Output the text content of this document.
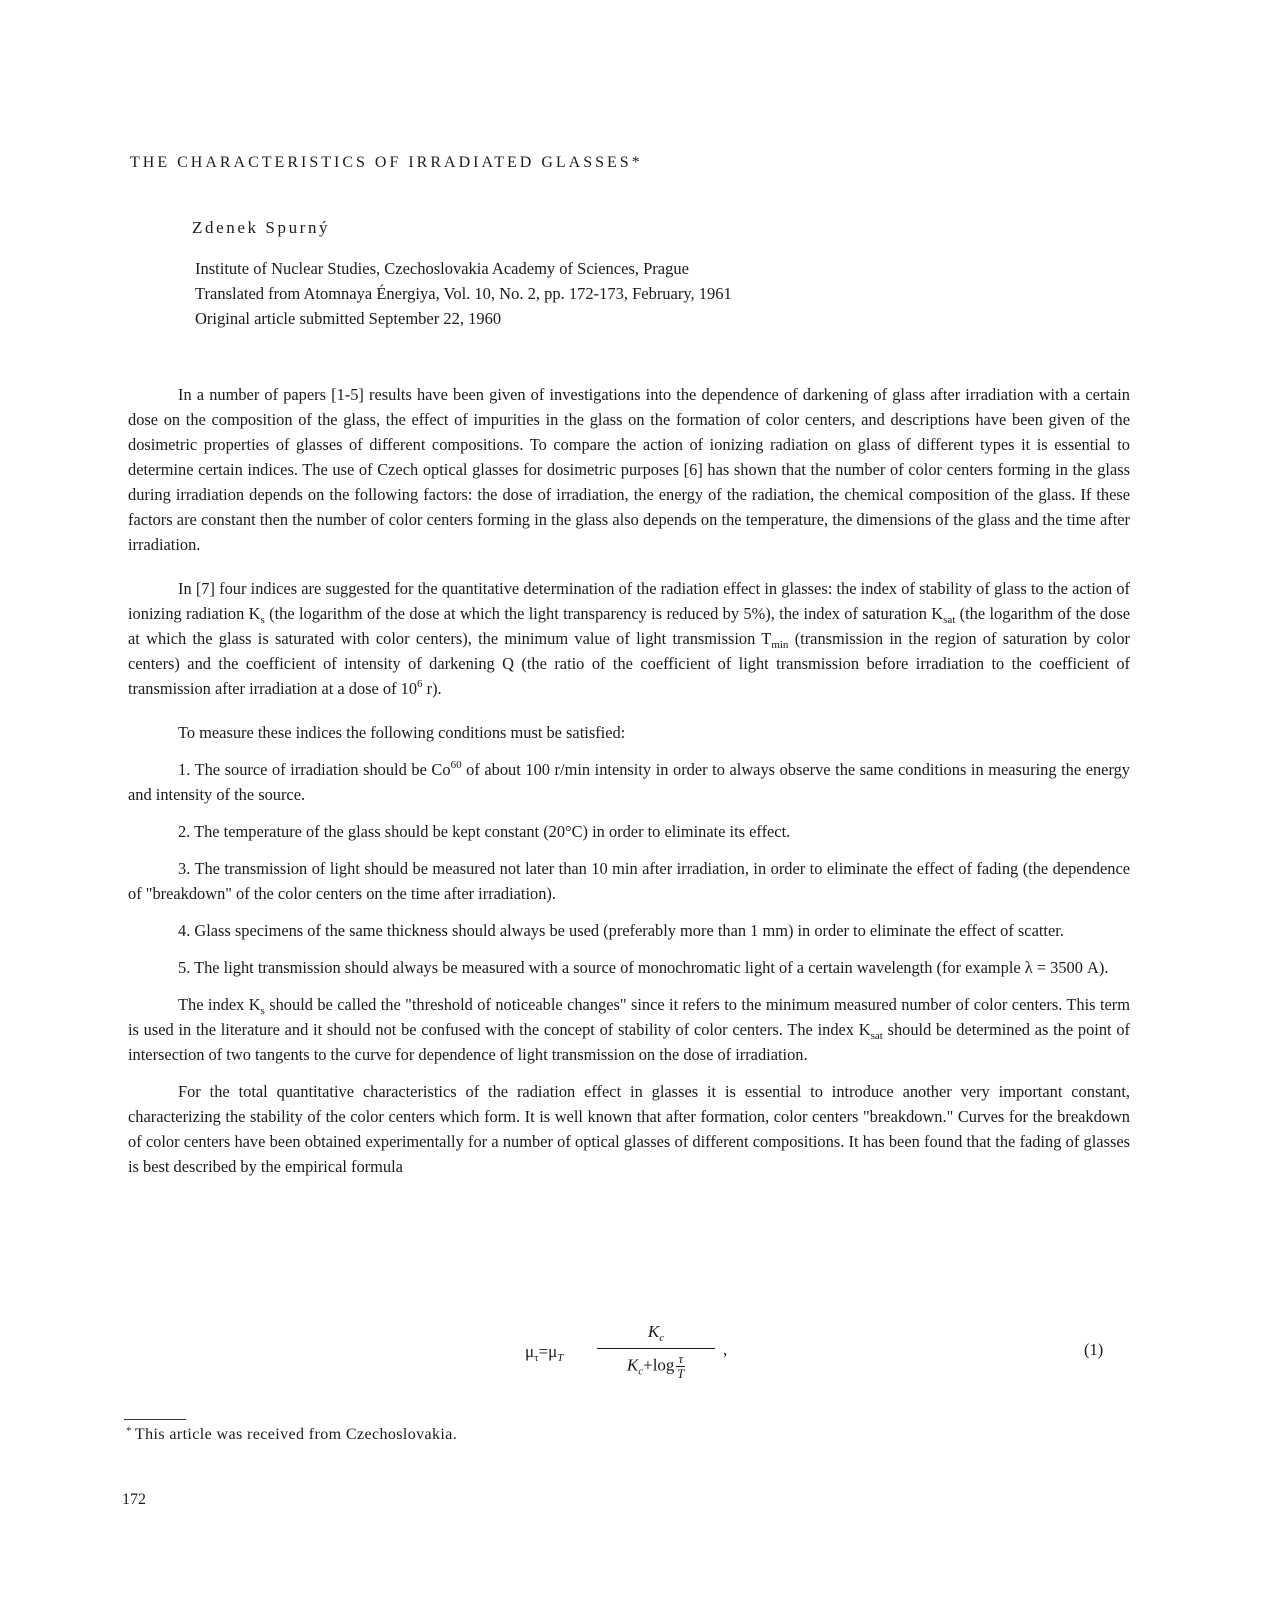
THE CHARACTERISTICS OF IRRADIATED GLASSES*
Zdenek Spurný
Institute of Nuclear Studies, Czechoslovakia Academy of Sciences, Prague
Translated from Atomnaya Énergiya, Vol. 10, No. 2, pp. 172-173, February, 1961
Original article submitted September 22, 1960

In a number of papers [1-5] results have been given of investigations into the dependence of darkening of glass after irradiation with a certain dose on the composition of the glass, the effect of impurities in the glass on the formation of color centers, and descriptions have been given of the dosimetric properties of glasses of different compositions. To compare the action of ionizing radiation on glass of different types it is essential to determine certain indices. The use of Czech optical glasses for dosimetric purposes [6] has shown that the number of color centers forming in the glass during irradiation depends on the following factors: the dose of irradiation, the energy of the radiation, the chemical composition of the glass. If these factors are constant then the number of color centers forming in the glass also depends on the temperature, the dimensions of the glass and the time after irradiation.

In [7] four indices are suggested for the quantitative determination of the radiation effect in glasses: the index of stability of glass to the action of ionizing radiation $K_s$ (the logarithm of the dose at which the light transparency is reduced by 5%), the index of saturation $K_{sat}$ (the logarithm of the dose at which the glass is saturated with color centers), the minimum value of light transmission $T_{min}$ (transmission in the region of saturation by color centers) and the coefficient of intensity of darkening Q (the ratio of the coefficient of light transmission before irradiation to the coefficient of transmission after irradiation at a dose of $10^6$ r).

To measure these indices the following conditions must be satisfied:

1. The source of irradiation should be Co$^{60}$ of about 100 r/min intensity in order to always observe the same conditions in measuring the energy and intensity of the source.

2. The temperature of the glass should be kept constant (20°C) in order to eliminate its effect.

3. The transmission of light should be measured not later than 10 min after irradiation, in order to eliminate the effect of fading (the dependence of "breakdown" of the color centers on the time after irradiation).

4. Glass specimens of the same thickness should always be used (preferably more than 1 mm) in order to eliminate the effect of scatter.

5. The light transmission should always be measured with a source of monochromatic light of a certain wavelength (for example λ = 3500 A).

The index $K_s$ should be called the "threshold of noticeable changes" since it refers to the minimum measured number of color centers. This term is used in the literature and it should not be confused with the concept of stability of color centers. The index $K_{sat}$ should be determined as the point of intersection of two tangents to the curve for dependence of light transmission on the dose of irradiation.

For the total quantitative characteristics of the radiation effect in glasses it is essential to introduce another very important constant, characterizing the stability of the color centers which form. It is well known that after formation, color centers "breakdown." Curves for the breakdown of color centers have been obtained experimentally for a number of optical glasses of different compositions. It has been found that the fading of glasses is best described by the empirical formula

$\mu_\tau=\mu_T$
$K_c$
$K_c+\log \frac{\tau}{T}$
,	(1)
* This article was received from Czechoslovakia.
172
